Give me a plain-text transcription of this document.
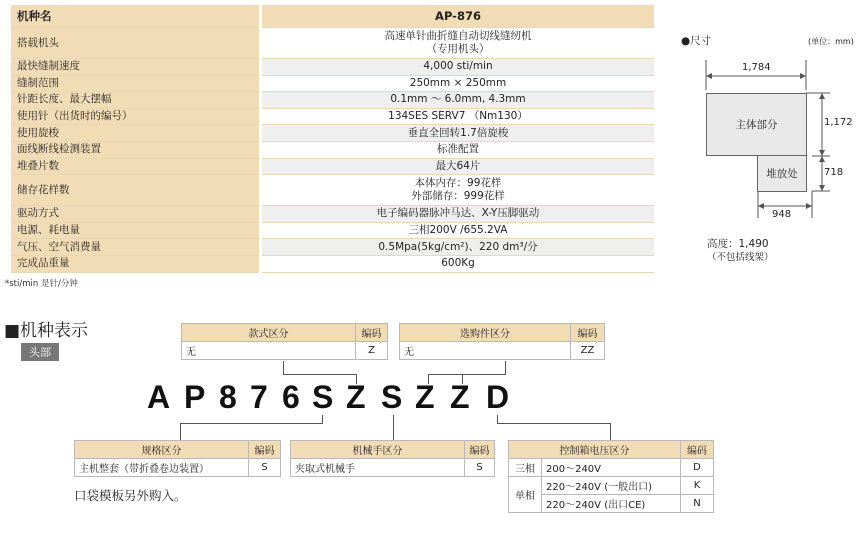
机种名	AP-876
搭载机头	高速单针曲折缝自动切线缝纫机
（专用机头）
最快缝制速度	4,000 sti/min
缝制范围	250mm × 250mm
针距长度、最大摆幅	0.1mm ～ 6.0mm, 4.3mm
使用针（出货时的编号）	134SES SERV7 （Nm130）
使用旋梭	垂直全回转1.7倍旋梭
面线断线检测装置	标准配置
堆叠片数	最大64片
储存花样数	本体内存：99花样
外部储存：999花样
驱动方式	电子编码器脉冲马达、X-Y压脚驱动
电源、耗电量	三相200V /655.2VA
气压、空气消费量	0.5Mpa(5kg/cm²)、220 dm³/分
完成品重量	600Kg
*sti/min 是针/分钟
●尺寸	(单位：mm)
1,784
1,172
718
948
主体部分
堆放处
高度：1,490
（不包括线架）
■机种表示
头部
款式区分	编码
无	Z
选购件区分	编码
无	ZZ
A P 8 7 6 S Z S Z Z D
规格区分	编码
主机整套（带折叠卷边装置）	S
机械手区分	编码
夹取式机械手	S
控制箱电压区分		编码
三相	200～240V	D
单相	220～240V (一般出口)	K
	220～240V (出口CE)	N
口袋模板另外购入。
